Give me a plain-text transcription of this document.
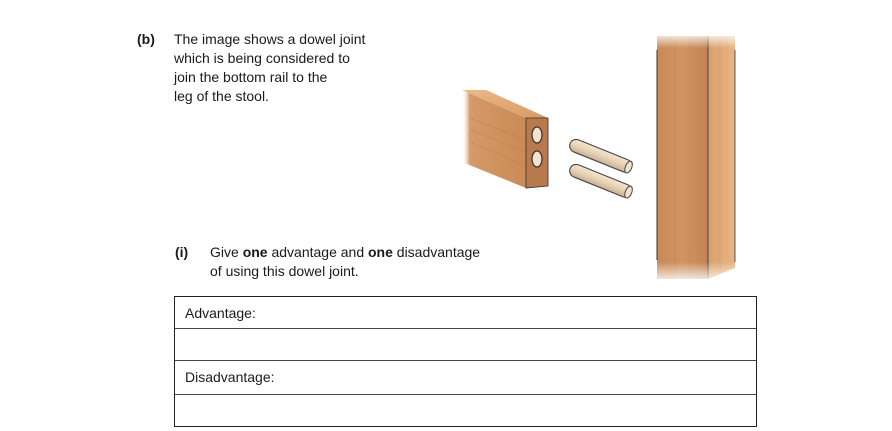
(b) The image shows a dowel joint
which is being considered to
join the bottom rail to the
leg of the stool.
(i) Give one advantage and one disadvantage
of using this dowel joint.
Advantage:
Disadvantage:
